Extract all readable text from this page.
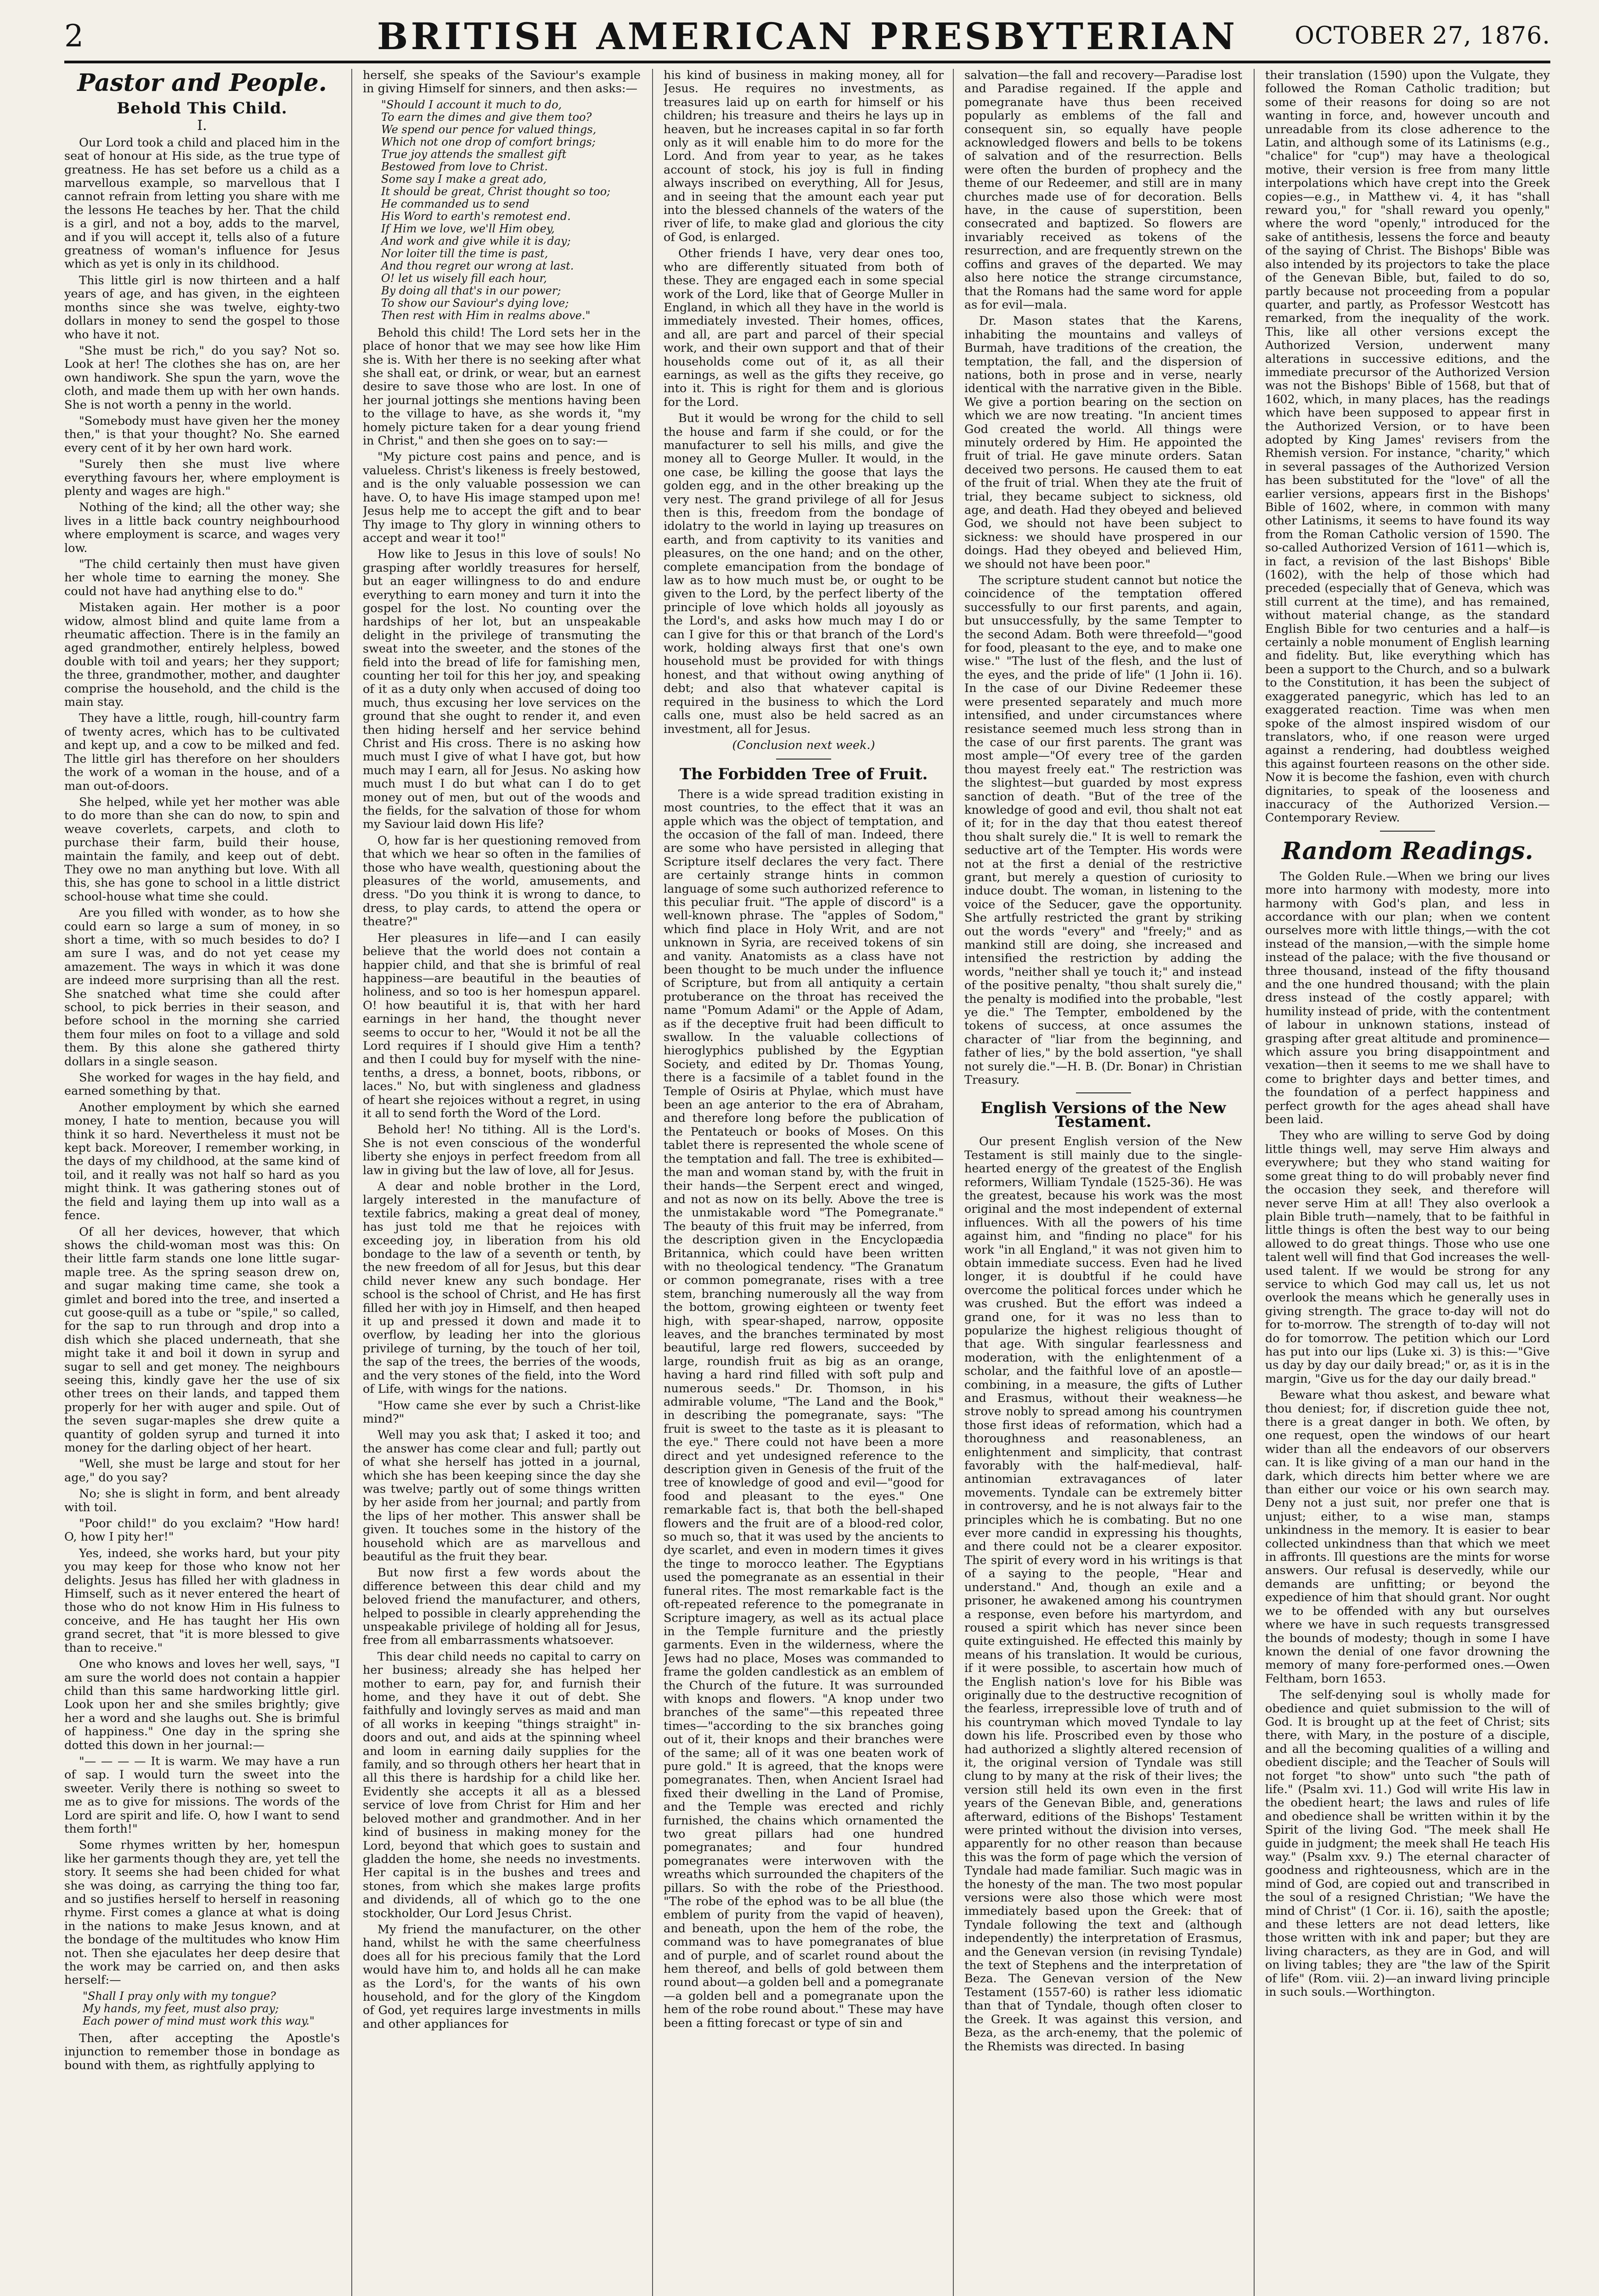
2	BRITISH AMERICAN PRESBYTERIAN	OCTOBER 27, 1876.
Pastor and People.
Behold This Child.
I.

Our Lord took a child and placed him in the seat of honour at His side, as the true type of greatness. He has set before us a child as a marvellous example, so marvellous that I cannot refrain from letting you share with me the lessons He teaches by her. That the child is a girl, and not a boy, adds to the marvel, and if you will accept it, tells also of a future greatness of woman's influence for Jesus which as yet is only in its childhood.

This little girl is now thirteen and a half years of age, and has given, in the eighteen months since she was twelve, eighty-two dollars in money to send the gospel to those who have it not.

"She must be rich," do you say? Not so. Look at her! The clothes she has on, are her own handiwork. She spun the yarn, wove the cloth, and made them up with her own hands. She is not worth a penny in the world.

"Somebody must have given her the money then," is that your thought? No. She earned every cent of it by her own hard work.

"Surely then she must live where everything favours her, where employment is plenty and wages are high."

Nothing of the kind; all the other way; she lives in a little back country neighbourhood where employment is scarce, and wages very low.

"The child certainly then must have given her whole time to earning the money. She could not have had anything else to do."

Mistaken again. Her mother is a poor widow, almost blind and quite lame from a rheumatic affection. There is in the family an aged grandmother, entirely helpless, bowed double with toil and years; her they support; the three, grandmother, mother, and daughter comprise the household, and the child is the main stay.

They have a little, rough, hill-country farm of twenty acres, which has to be cultivated and kept up, and a cow to be milked and fed. The little girl has therefore on her shoulders the work of a woman in the house, and of a man out-of-doors.

She helped, while yet her mother was able to do more than she can do now, to spin and weave coverlets, carpets, and cloth to purchase their farm, build their house, maintain the family, and keep out of debt. They owe no man anything but love. With all this, she has gone to school in a little district school-house what time she could.

Are you filled with wonder, as to how she could earn so large a sum of money, in so short a time, with so much besides to do? I am sure I was, and do not yet cease my amazement. The ways in which it was done are indeed more surprising than all the rest. She snatched what time she could after school, to pick berries in their season, and before school in the morning she carried them four miles on foot to a village and sold them. By this alone she gathered thirty dollars in a single season.

She worked for wages in the hay field, and earned something by that.

Another employment by which she earned money, I hate to mention, because you will think it so hard. Nevertheless it must not be kept back. Moreover, I remember working, in the days of my childhood, at the same kind of toil, and it really was not half so hard as you might think. It was gathering stones out of the field and laying them up into wall as a fence.

Of all her devices, however, that which shows the child-woman most was this: On their little farm stands one lone little sugar-maple tree. As the spring season drew on, and sugar making time came, she took a gimlet and bored into the tree, and inserted a cut goose-quill as a tube or "spile," so called, for the sap to run through and drop into a dish which she placed underneath, that she might take it and boil it down in syrup and sugar to sell and get money. The neighbours seeing this, kindly gave her the use of six other trees on their lands, and tapped them properly for her with auger and spile. Out of the seven sugar-maples she drew quite a quantity of golden syrup and turned it into money for the darling object of her heart.

"Well, she must be large and stout for her age," do you say?

No; she is slight in form, and bent already with toil.

"Poor child!" do you exclaim? "How hard! O, how I pity her!"

Yes, indeed, she works hard, but your pity you may keep for those who know not her delights. Jesus has filled her with gladness in Himself, such as it never entered the heart of those who do not know Him in His fulness to conceive, and He has taught her His own grand secret, that "it is more blessed to give than to receive."

One who knows and loves her well, says, "I am sure the world does not contain a happier child than this same hardworking little girl. Look upon her and she smiles brightly; give her a word and she laughs out. She is brimful of happiness." One day in the spring she dotted this down in her journal:—

"— — — — It is warm. We may have a run of sap. I would turn the sweet into the sweeter. Verily there is nothing so sweet to me as to give for missions. The words of the Lord are spirit and life. O, how I want to send them forth!"

Some rhymes written by her, homespun like her garments though they are, yet tell the story. It seems she had been chided for what she was doing, as carrying the thing too far, and so justifies herself to herself in reasoning rhyme. First comes a glance at what is doing in the nations to make Jesus known, and at the bondage of the multitudes who know Him not. Then she ejaculates her deep desire that the work may be carried on, and then asks herself:—

"Shall I pray only with my tongue?
My hands, my feet, must also pray;
Each power of mind must work this way."

Then, after accepting the Apostle's injunction to remember those in bondage as bound with them, as rightfully applying to

herself, she speaks of the Saviour's example in giving Himself for sinners, and then asks:—

"Should I account it much to do,
To earn the dimes and give them too?
We spend our pence for valued things,
Which not one drop of comfort brings;
True joy attends the smallest gift
Bestowed from love to Christ.
Some say I make a great ado,
It should be great, Christ thought so too;
He commanded us to send
His Word to earth's remotest end.
If Him we love, we'll Him obey,
And work and give while it is day;
Nor loiter till the time is past,
And thou regret our wrong at last.
O! let us wisely fill each hour,
By doing all that's in our power;
To show our Saviour's dying love;
Then rest with Him in realms above."

Behold this child! The Lord sets her in the place of honor that we may see how like Him she is. With her there is no seeking after what she shall eat, or drink, or wear, but an earnest desire to save those who are lost. In one of her journal jottings she mentions having been to the village to have, as she words it, "my homely picture taken for a dear young friend in Christ," and then she goes on to say:—

"My picture cost pains and pence, and is valueless. Christ's likeness is freely bestowed, and is the only valuable possession we can have. O, to have His image stamped upon me! Jesus help me to accept the gift and to bear Thy image to Thy glory in winning others to accept and wear it too!"

How like to Jesus in this love of souls! No grasping after worldly treasures for herself, but an eager willingness to do and endure everything to earn money and turn it into the gospel for the lost. No counting over the hardships of her lot, but an unspeakable delight in the privilege of transmuting the sweat into the sweeter, and the stones of the field into the bread of life for famishing men, counting her toil for this her joy, and speaking of it as a duty only when accused of doing too much, thus excusing her love services on the ground that she ought to render it, and even then hiding herself and her service behind Christ and His cross. There is no asking how much must I give of what I have got, but how much may I earn, all for Jesus. No asking how much must I do but what can I do to get money out of men, but out of the woods and the fields, for the salvation of those for whom my Saviour laid down His life?

O, how far is her questioning removed from that which we hear so often in the families of those who have wealth, questioning about the pleasures of the world, amusements, and dress. "Do you think it is wrong to dance, to dress, to play cards, to attend the opera or theatre?"

Her pleasures in life—and I can easily believe that the world does not contain a happier child, and that she is brimful of real happiness—are beautiful in the beauties of holiness, and so too is her homespun apparel. O! how beautiful it is, that with her hard earnings in her hand, the thought never seems to occur to her, "Would it not be all the Lord requires if I should give Him a tenth? and then I could buy for myself with the nine-tenths, a dress, a bonnet, boots, ribbons, or laces." No, but with singleness and gladness of heart she rejoices without a regret, in using it all to send forth the Word of the Lord.

Behold her! No tithing. All is the Lord's. She is not even conscious of the wonderful liberty she enjoys in perfect freedom from all law in giving but the law of love, all for Jesus.

A dear and noble brother in the Lord, largely interested in the manufacture of textile fabrics, making a great deal of money, has just told me that he rejoices with exceeding joy, in liberation from his old bondage to the law of a seventh or tenth, by the new freedom of all for Jesus, but this dear child never knew any such bondage. Her school is the school of Christ, and He has first filled her with joy in Himself, and then heaped it up and pressed it down and made it to overflow, by leading her into the glorious privilege of turning, by the touch of her toil, the sap of the trees, the berries of the woods, and the very stones of the field, into the Word of Life, with wings for the nations.

"How came she ever by such a Christ-like mind?"

Well may you ask that; I asked it too; and the answer has come clear and full; partly out of what she herself has jotted in a journal, which she has been keeping since the day she was twelve; partly out of some things written by her aside from her journal; and partly from the lips of her mother. This answer shall be given. It touches some in the history of the household which are as marvellous and beautiful as the fruit they bear.

But now first a few words about the difference between this dear child and my beloved friend the manufacturer, and others, helped to possible in clearly apprehending the unspeakable privilege of holding all for Jesus, free from all embarrassments whatsoever.

This dear child needs no capital to carry on her business; already she has helped her mother to earn, pay for, and furnish their home, and they have it out of debt. She faithfully and lovingly serves as maid and man of all works in keeping "things straight" in-doors and out, and aids at the spinning wheel and loom in earning daily supplies for the family, and so through others her heart that in all this there is hardship for a child like her. Evidently she accepts it all as a blessed service of love from Christ for Him and her beloved mother and grandmother. And in her kind of business in making money for the Lord, beyond that which goes to sustain and gladden the home, she needs no investments. Her capital is in the bushes and trees and stones, from which she makes large profits and dividends, all of which go to the one stockholder, Our Lord Jesus Christ.

My friend the manufacturer, on the other hand, whilst he with the same cheerfulness does all for his precious family that the Lord would have him to, and holds all he can make as the Lord's, for the wants of his own household, and for the glory of the Kingdom of God, yet requires large investments in mills and other appliances for

his kind of business in making money, all for Jesus. He requires no investments, as treasures laid up on earth for himself or his children; his treasure and theirs he lays up in heaven, but he increases capital in so far forth only as it will enable him to do more for the Lord. And from year to year, as he takes account of stock, his joy is full in finding always inscribed on everything, All for Jesus, and in seeing that the amount each year put into the blessed channels of the waters of the river of life, to make glad and glorious the city of God, is enlarged.

Other friends I have, very dear ones too, who are differently situated from both of these. They are engaged each in some special work of the Lord, like that of George Muller in England, in which all they have in the world is immediately invested. Their homes, offices, and all, are part and parcel of their special work, and their own support and that of their households come out of it, as all their earnings, as well as the gifts they receive, go into it. This is right for them and is glorious for the Lord.

But it would be wrong for the child to sell the house and farm if she could, or for the manufacturer to sell his mills, and give the money all to George Muller. It would, in the one case, be killing the goose that lays the golden egg, and in the other breaking up the very nest. The grand privilege of all for Jesus then is this, freedom from the bondage of idolatry to the world in laying up treasures on earth, and from captivity to its vanities and pleasures, on the one hand; and on the other, complete emancipation from the bondage of law as to how much must be, or ought to be given to the Lord, by the perfect liberty of the principle of love which holds all joyously as the Lord's, and asks how much may I do or can I give for this or that branch of the Lord's work, holding always first that one's own household must be provided for with things honest, and that without owing anything of debt; and also that whatever capital is required in the business to which the Lord calls one, must also be held sacred as an investment, all for Jesus.

(Conclusion next week.)
The Forbidden Tree of Fruit.

There is a wide spread tradition existing in most countries, to the effect that it was an apple which was the object of temptation, and the occasion of the fall of man. Indeed, there are some who have persisted in alleging that Scripture itself declares the very fact. There are certainly strange hints in common language of some such authorized reference to this peculiar fruit. "The apple of discord" is a well-known phrase. The "apples of Sodom," which find place in Holy Writ, and are not unknown in Syria, are received tokens of sin and vanity. Anatomists as a class have not been thought to be much under the influence of Scripture, but from all antiquity a certain protuberance on the throat has received the name "Pomum Adami" or the Apple of Adam, as if the deceptive fruit had been difficult to swallow. In the valuable collections of hieroglyphics published by the Egyptian Society, and edited by Dr. Thomas Young, there is a facsimile of a tablet found in the Temple of Osiris at Phylae, which must have been an age anterior to the era of Abraham, and therefore long before the publication of the Pentateuch or books of Moses. On this tablet there is represented the whole scene of the temptation and fall. The tree is exhibited—the man and woman stand by, with the fruit in their hands—the Serpent erect and winged, and not as now on its belly. Above the tree is the unmistakable word "The Pomegranate." The beauty of this fruit may be inferred, from the description given in the Encyclopædia Britannica, which could have been written with no theological tendency. "The Granatum or common pomegranate, rises with a tree stem, branching numerously all the way from the bottom, growing eighteen or twenty feet high, with spear-shaped, narrow, opposite leaves, and the branches terminated by most beautiful, large red flowers, succeeded by large, roundish fruit as big as an orange, having a hard rind filled with soft pulp and numerous seeds." Dr. Thomson, in his admirable volume, "The Land and the Book," in describing the pomegranate, says: "The fruit is sweet to the taste as it is pleasant to the eye." There could not have been a more direct and yet undesigned reference to the description given in Genesis of the fruit of the tree of knowledge of good and evil—"good for food and pleasant to the eyes." One remarkable fact is, that both the bell-shaped flowers and the fruit are of a blood-red color, so much so, that it was used by the ancients to dye scarlet, and even in modern times it gives the tinge to morocco leather. The Egyptians used the pomegranate as an essential in their funeral rites. The most remarkable fact is the oft-repeated reference to the pomegranate in Scripture imagery, as well as its actual place in the Temple furniture and the priestly garments. Even in the wilderness, where the Jews had no place, Moses was commanded to frame the golden candlestick as an emblem of the Church of the future. It was surrounded with knops and flowers. "A knop under two branches of the same"—this repeated three times—"according to the six branches going out of it, their knops and their branches were of the same; all of it was one beaten work of pure gold." It is agreed, that the knops were pomegranates. Then, when Ancient Israel had fixed their dwelling in the Land of Promise, and the Temple was erected and richly furnished, the chains which ornamented the two great pillars had one hundred pomegranates; and four hundred pomegranates were interwoven with the wreaths which surrounded the chapiters of the pillars. So with the robe of the Priesthood. "The robe of the ephod was to be all blue (the emblem of purity from the vapid of heaven), and beneath, upon the hem of the robe, the command was to have pomegranates of blue and of purple, and of scarlet round about the hem thereof, and bells of gold between them round about—a golden bell and a pomegranate—a golden bell and a pomegranate upon the hem of the robe round about." These may have been a fitting forecast or type of sin and

salvation—the fall and recovery—Paradise lost and Paradise regained. If the apple and pomegranate have thus been received popularly as emblems of the fall and consequent sin, so equally have people acknowledged flowers and bells to be tokens of salvation and of the resurrection. Bells were often the burden of prophecy and the theme of our Redeemer, and still are in many churches made use of for decoration. Bells have, in the cause of superstition, been consecrated and baptized. So flowers are invariably received as tokens of the resurrection, and are frequently strewn on the coffins and graves of the departed. We may also here notice the strange circumstance, that the Romans had the same word for apple as for evil—mala.

Dr. Mason states that the Karens, inhabiting the mountains and valleys of Burmah, have traditions of the creation, the temptation, the fall, and the dispersion of nations, both in prose and in verse, nearly identical with the narrative given in the Bible. We give a portion bearing on the section on which we are now treating. "In ancient times God created the world. All things were minutely ordered by Him. He appointed the fruit of trial. He gave minute orders. Satan deceived two persons. He caused them to eat of the fruit of trial. When they ate the fruit of trial, they became subject to sickness, old age, and death. Had they obeyed and believed God, we should not have been subject to sickness: we should have prospered in our doings. Had they obeyed and believed Him, we should not have been poor."

The scripture student cannot but notice the coincidence of the temptation offered successfully to our first parents, and again, but unsuccessfully, by the same Tempter to the second Adam. Both were threefold—"good for food, pleasant to the eye, and to make one wise." "The lust of the flesh, and the lust of the eyes, and the pride of life" (1 John ii. 16). In the case of our Divine Redeemer these were presented separately and much more intensified, and under circumstances where resistance seemed much less strong than in the case of our first parents. The grant was most ample—"Of every tree of the garden thou mayest freely eat." The restriction was the slightest—but guarded by most express sanction of death. "But of the tree of the knowledge of good and evil, thou shalt not eat of it; for in the day that thou eatest thereof thou shalt surely die." It is well to remark the seductive art of the Tempter. His words were not at the first a denial of the restrictive grant, but merely a question of curiosity to induce doubt. The woman, in listening to the voice of the Seducer, gave the opportunity. She artfully restricted the grant by striking out the words "every" and "freely;" and as mankind still are doing, she increased and intensified the restriction by adding the words, "neither shall ye touch it;" and instead of the positive penalty, "thou shalt surely die," the penalty is modified into the probable, "lest ye die." The Tempter, emboldened by the tokens of success, at once assumes the character of "liar from the beginning, and father of lies," by the bold assertion, "ye shall not surely die."—H. B. (Dr. Bonar) in Christian Treasury.

English Versions of the New Testament.

Our present English version of the New Testament is still mainly due to the single-hearted energy of the greatest of the English reformers, William Tyndale (1525-36). He was the greatest, because his work was the most original and the most independent of external influences. With all the powers of his time against him, and "finding no place" for his work "in all England," it was not given him to obtain immediate success. Even had he lived longer, it is doubtful if he could have overcome the political forces under which he was crushed. But the effort was indeed a grand one, for it was no less than to popularize the highest religious thought of that age. With singular fearlessness and moderation, with the enlightenment of a scholar, and the faithful love of an apostle—combining, in a measure, the gifts of Luther and Erasmus, without their weakness—he strove nobly to spread among his countrymen those first ideas of reformation, which had a thoroughness and reasonableness, an enlightenment and simplicity, that contrast favorably with the half-medieval, half-antinomian extravagances of later movements. Tyndale can be extremely bitter in controversy, and he is not always fair to the principles which he is combating. But no one ever more candid in expressing his thoughts, and there could not be a clearer expositor. The spirit of every word in his writings is that of a saying to the people, "Hear and understand." And, though an exile and a prisoner, he awakened among his countrymen a response, even before his martyrdom, and roused a spirit which has never since been quite extinguished. He effected this mainly by means of his translation. It would be curious, if it were possible, to ascertain how much of the English nation's love for his Bible was originally due to the destructive recognition of the fearless, irrepressible love of truth and of his countryman which moved Tyndale to lay down his life. Proscribed even by those who had authorized a slightly altered recension of it, the original version of Tyndale was still clung to by many at the risk of their lives; the version still held its own even in the first years of the Genevan Bible, and, generations afterward, editions of the Bishops' Testament were printed without the division into verses, apparently for no other reason than because this was the form of page which the version of Tyndale had made familiar. Such magic was in the honesty of the man. The two most popular versions were also those which were most immediately based upon the Greek: that of Tyndale following the text and (although independently) the interpretation of Erasmus, and the Genevan version (in revising Tyndale) the text of Stephens and the interpretation of Beza. The Genevan version of the New Testament (1557-60) is rather less idiomatic than that of Tyndale, though often closer to the Greek. It was against this version, and Beza, as the arch-enemy, that the polemic of the Rhemists was directed. In basing

their translation (1590) upon the Vulgate, they followed the Roman Catholic tradition; but some of their reasons for doing so are not wanting in force, and, however uncouth and unreadable from its close adherence to the Latin, and although some of its Latinisms (e.g., "chalice" for "cup") may have a theological motive, their version is free from many little interpolations which have crept into the Greek copies—e.g., in Matthew vi. 4, it has "shall reward you," for "shall reward you openly," where the word "openly," introduced for the sake of antithesis, lessens the force and beauty of the saying of Christ. The Bishops' Bible was also intended by its projectors to take the place of the Genevan Bible, but, failed to do so, partly because not proceeding from a popular quarter, and partly, as Professor Westcott has remarked, from the inequality of the work. This, like all other versions except the Authorized Version, underwent many alterations in successive editions, and the immediate precursor of the Authorized Version was not the Bishops' Bible of 1568, but that of 1602, which, in many places, has the readings which have been supposed to appear first in the Authorized Version, or to have been adopted by King James' revisers from the Rhemish version. For instance, "charity," which in several passages of the Authorized Version has been substituted for the "love" of all the earlier versions, appears first in the Bishops' Bible of 1602, where, in common with many other Latinisms, it seems to have found its way from the Roman Catholic version of 1590. The so-called Authorized Version of 1611—which is, in fact, a revision of the last Bishops' Bible (1602), with the help of those which had preceded (especially that of Geneva, which was still current at the time), and has remained, without material change, as the standard English Bible for two centuries and a half—is certainly a noble monument of English learning and fidelity. But, like everything which has been a support to the Church, and so a bulwark to the Constitution, it has been the subject of exaggerated panegyric, which has led to an exaggerated reaction. Time was when men spoke of the almost inspired wisdom of our translators, who, if one reason were urged against a rendering, had doubtless weighed this against fourteen reasons on the other side. Now it is become the fashion, even with church dignitaries, to speak of the looseness and inaccuracy of the Authorized Version.—Contemporary Review.

Random Readings.

The Golden Rule.—When we bring our lives more into harmony with modesty, more into harmony with God's plan, and less in accordance with our plan; when we content ourselves more with little things,—with the cot instead of the mansion,—with the simple home instead of the palace; with the five thousand or three thousand, instead of the fifty thousand and the one hundred thousand; with the plain dress instead of the costly apparel; with humility instead of pride, with the contentment of labour in unknown stations, instead of grasping after great altitude and prominence—which assure you bring disappointment and vexation—then it seems to me we shall have to come to brighter days and better times, and the foundation of a perfect happiness and perfect growth for the ages ahead shall have been laid.

They who are willing to serve God by doing little things well, may serve Him always and everywhere; but they who stand waiting for some great thing to do will probably never find the occasion they seek, and therefore will never serve Him at all! They also overlook a plain Bible truth—namely, that to be faithful in little things is often the best way to our being allowed to do great things. Those who use one talent well will find that God increases the well-used talent. If we would be strong for any service to which God may call us, let us not overlook the means which he generally uses in giving strength. The grace to-day will not do for to-morrow. The strength of to-day will not do for tomorrow. The petition which our Lord has put into our lips (Luke xi. 3) is this:—"Give us day by day our daily bread;" or, as it is in the margin, "Give us for the day our daily bread."

Beware what thou askest, and beware what thou deniest; for, if discretion guide thee not, there is a great danger in both. We often, by one request, open the windows of our heart wider than all the endeavors of our observers can. It is like giving of a man our hand in the dark, which directs him better where we are than either our voice or his own search may. Deny not a just suit, nor prefer one that is unjust; either, to a wise man, stamps unkindness in the memory. It is easier to bear collected unkindness than that which we meet in affronts. Ill questions are the mints for worse answers. Our refusal is deservedly, while our demands are unfitting; or beyond the expedience of him that should grant. Nor ought we to be offended with any but ourselves where we have in such requests transgressed the bounds of modesty; though in some I have known the denial of one favor drowning the memory of many fore-performed ones.—Owen Feltham, born 1653.

The self-denying soul is wholly made for obedience and quiet submission to the will of God. It is brought up at the feet of Christ; sits there, with Mary, in the posture of a disciple, and all the becoming qualities of a willing and obedient disciple; and the Teacher of Souls will not forget "to show" unto such "the path of life." (Psalm xvi. 11.) God will write His law in the obedient heart; the laws and rules of life and obedience shall be written within it by the Spirit of the living God. "The meek shall He guide in judgment; the meek shall He teach His way." (Psalm xxv. 9.) The eternal character of goodness and righteousness, which are in the mind of God, are copied out and transcribed in the soul of a resigned Christian; "We have the mind of Christ" (1 Cor. ii. 16), saith the apostle; and these letters are not dead letters, like those written with ink and paper; but they are living characters, as they are in God, and will on living tables; they are "the law of the Spirit of life" (Rom. viii. 2)—an inward living principle in such souls.—Worthington.
